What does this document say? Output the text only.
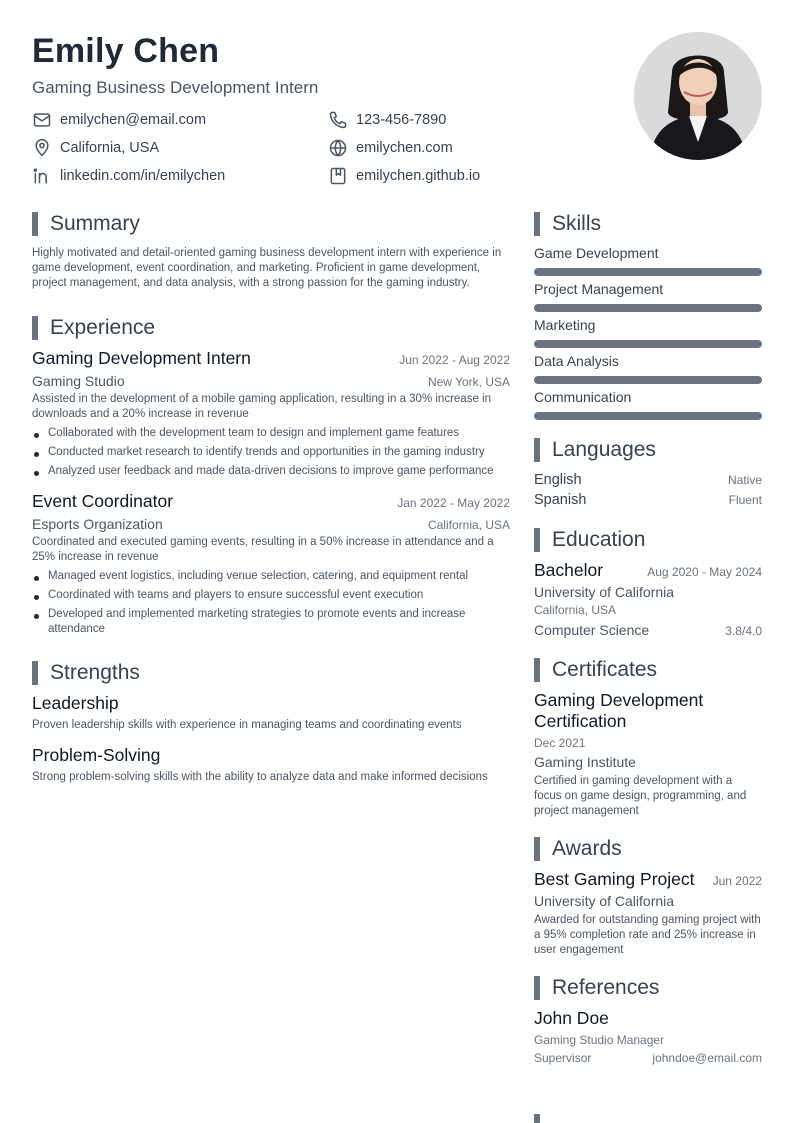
Emily Chen
Gaming Business Development Intern
emilychen@email.com	123-456-7890
California, USA	emilychen.com
linkedin.com/in/emilychen	emilychen.github.io
Summary
Highly motivated and detail-oriented gaming business development intern with experience in game development, event coordination, and marketing. Proficient in game development, project management, and data analysis, with a strong passion for the gaming industry.
Experience
Gaming Development Intern	Jun 2022 - Aug 2022
Gaming Studio	New York, USA
Assisted in the development of a mobile gaming application, resulting in a 30% increase in downloads and a 20% increase in revenue
Collaborated with the development team to design and implement game features
Conducted market research to identify trends and opportunities in the gaming industry
Analyzed user feedback and made data-driven decisions to improve game performance
Event Coordinator	Jan 2022 - May 2022
Esports Organization	California, USA
Coordinated and executed gaming events, resulting in a 50% increase in attendance and a 25% increase in revenue
Managed event logistics, including venue selection, catering, and equipment rental
Coordinated with teams and players to ensure successful event execution
Developed and implemented marketing strategies to promote events and increase attendance
Strengths
Leadership
Proven leadership skills with experience in managing teams and coordinating events
Problem-Solving
Strong problem-solving skills with the ability to analyze data and make informed decisions
Skills
Game Development
Project Management
Marketing
Data Analysis
Communication
Languages
English	Native
Spanish	Fluent
Education
Bachelor	Aug 2020 - May 2024
University of California
California, USA
Computer Science	3.8/4.0
Certificates
Gaming Development Certification
Dec 2021
Gaming Institute
Certified in gaming development with a focus on game design, programming, and project management
Awards
Best Gaming Project Jun 2022
University of California
Awarded for outstanding gaming project with a 95% completion rate and 25% increase in user engagement
References
John Doe
Gaming Studio Manager
Supervisor	johndoe@email.com
